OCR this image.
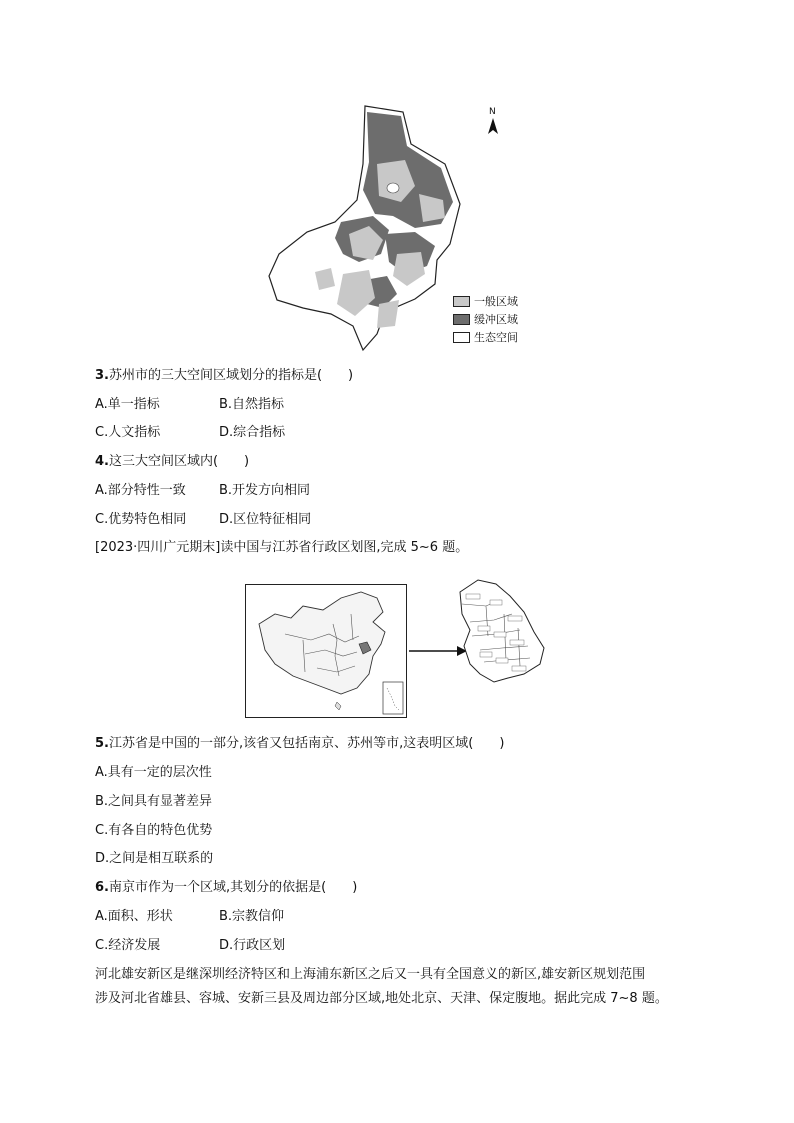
N
一般区域
缓冲区域
生态空间
3.苏州市的三大空间区域划分的指标是(　　)
A.单一指标	B.自然指标
C.人文指标	D.综合指标
4.这三大空间区域内(　　)
A.部分特性一致	B.开发方向相同
C.优势特色相同	D.区位特征相同
[2023·四川广元期末]读中国与江苏省行政区划图,完成 5~6 题。
5.江苏省是中国的一部分,该省又包括南京、苏州等市,这表明区域(　　)
A.具有一定的层次性
B.之间具有显著差异
C.有各自的特色优势
D.之间是相互联系的
6.南京市作为一个区域,其划分的依据是(　　)
A.面积、形状	B.宗教信仰
C.经济发展	D.行政区划
河北雄安新区是继深圳经济特区和上海浦东新区之后又一具有全国意义的新区,雄安新区规划范围
涉及河北省雄县、容城、安新三县及周边部分区域,地处北京、天津、保定腹地。据此完成 7~8 题。
